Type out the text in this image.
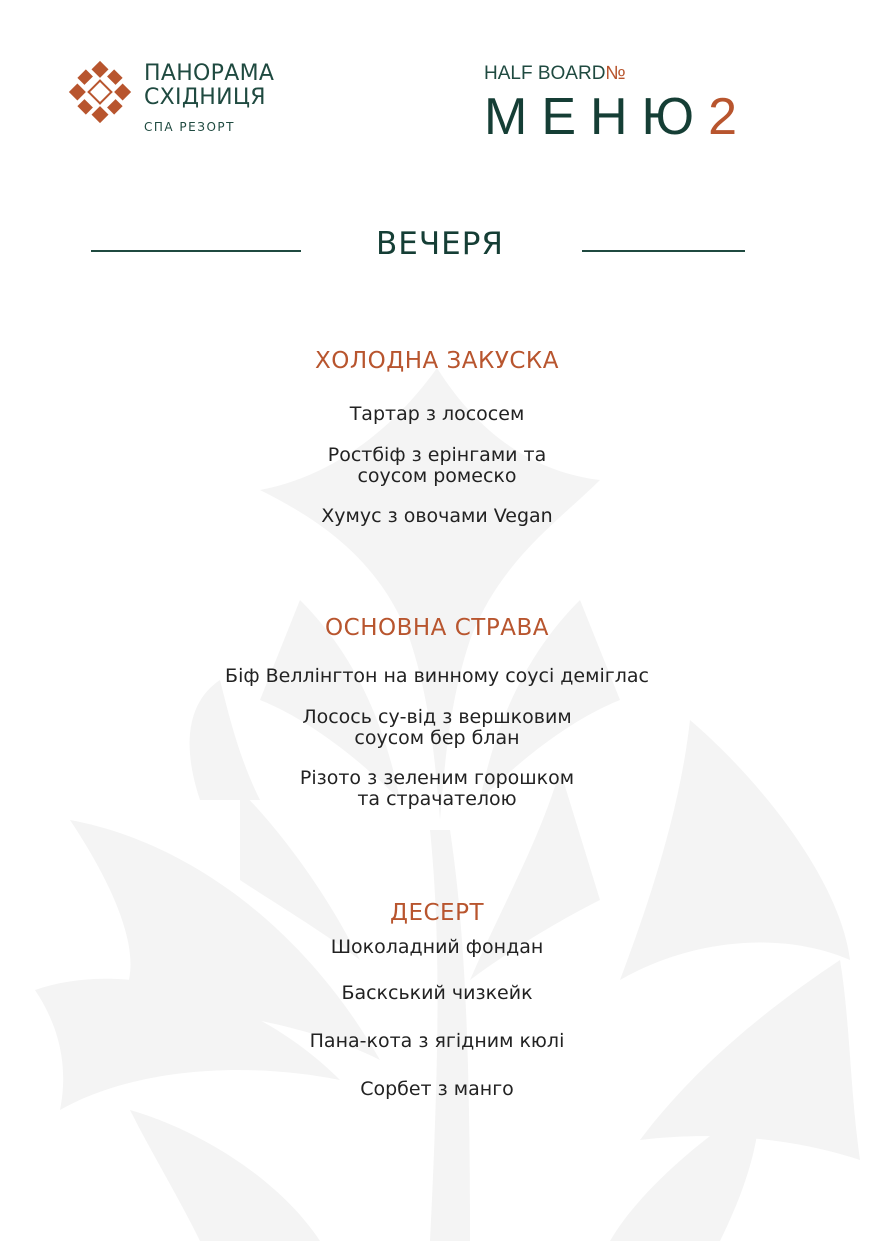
ПАНОРАМА
СХІДНИЦЯ
СПА РЕЗОРТ
HALF BOARD№
МЕНЮ2
ВЕЧЕРЯ
ХОЛОДНА ЗАКУСКА
Тартар з лососем
Ростбіф з ерінгами та
соусом ромеско
Хумус з овочами Vegan
ОСНОВНА СТРАВА
Біф Веллінгтон на винному соусі деміглас
Лосось су-від з вершковим
соусом бер блан
Різото з зеленим горошком
та страчателою
ДЕСЕРТ
Шоколадний фондан
Баскський чизкейк
Пана-кота з ягідним кюлі
Сорбет з манго
